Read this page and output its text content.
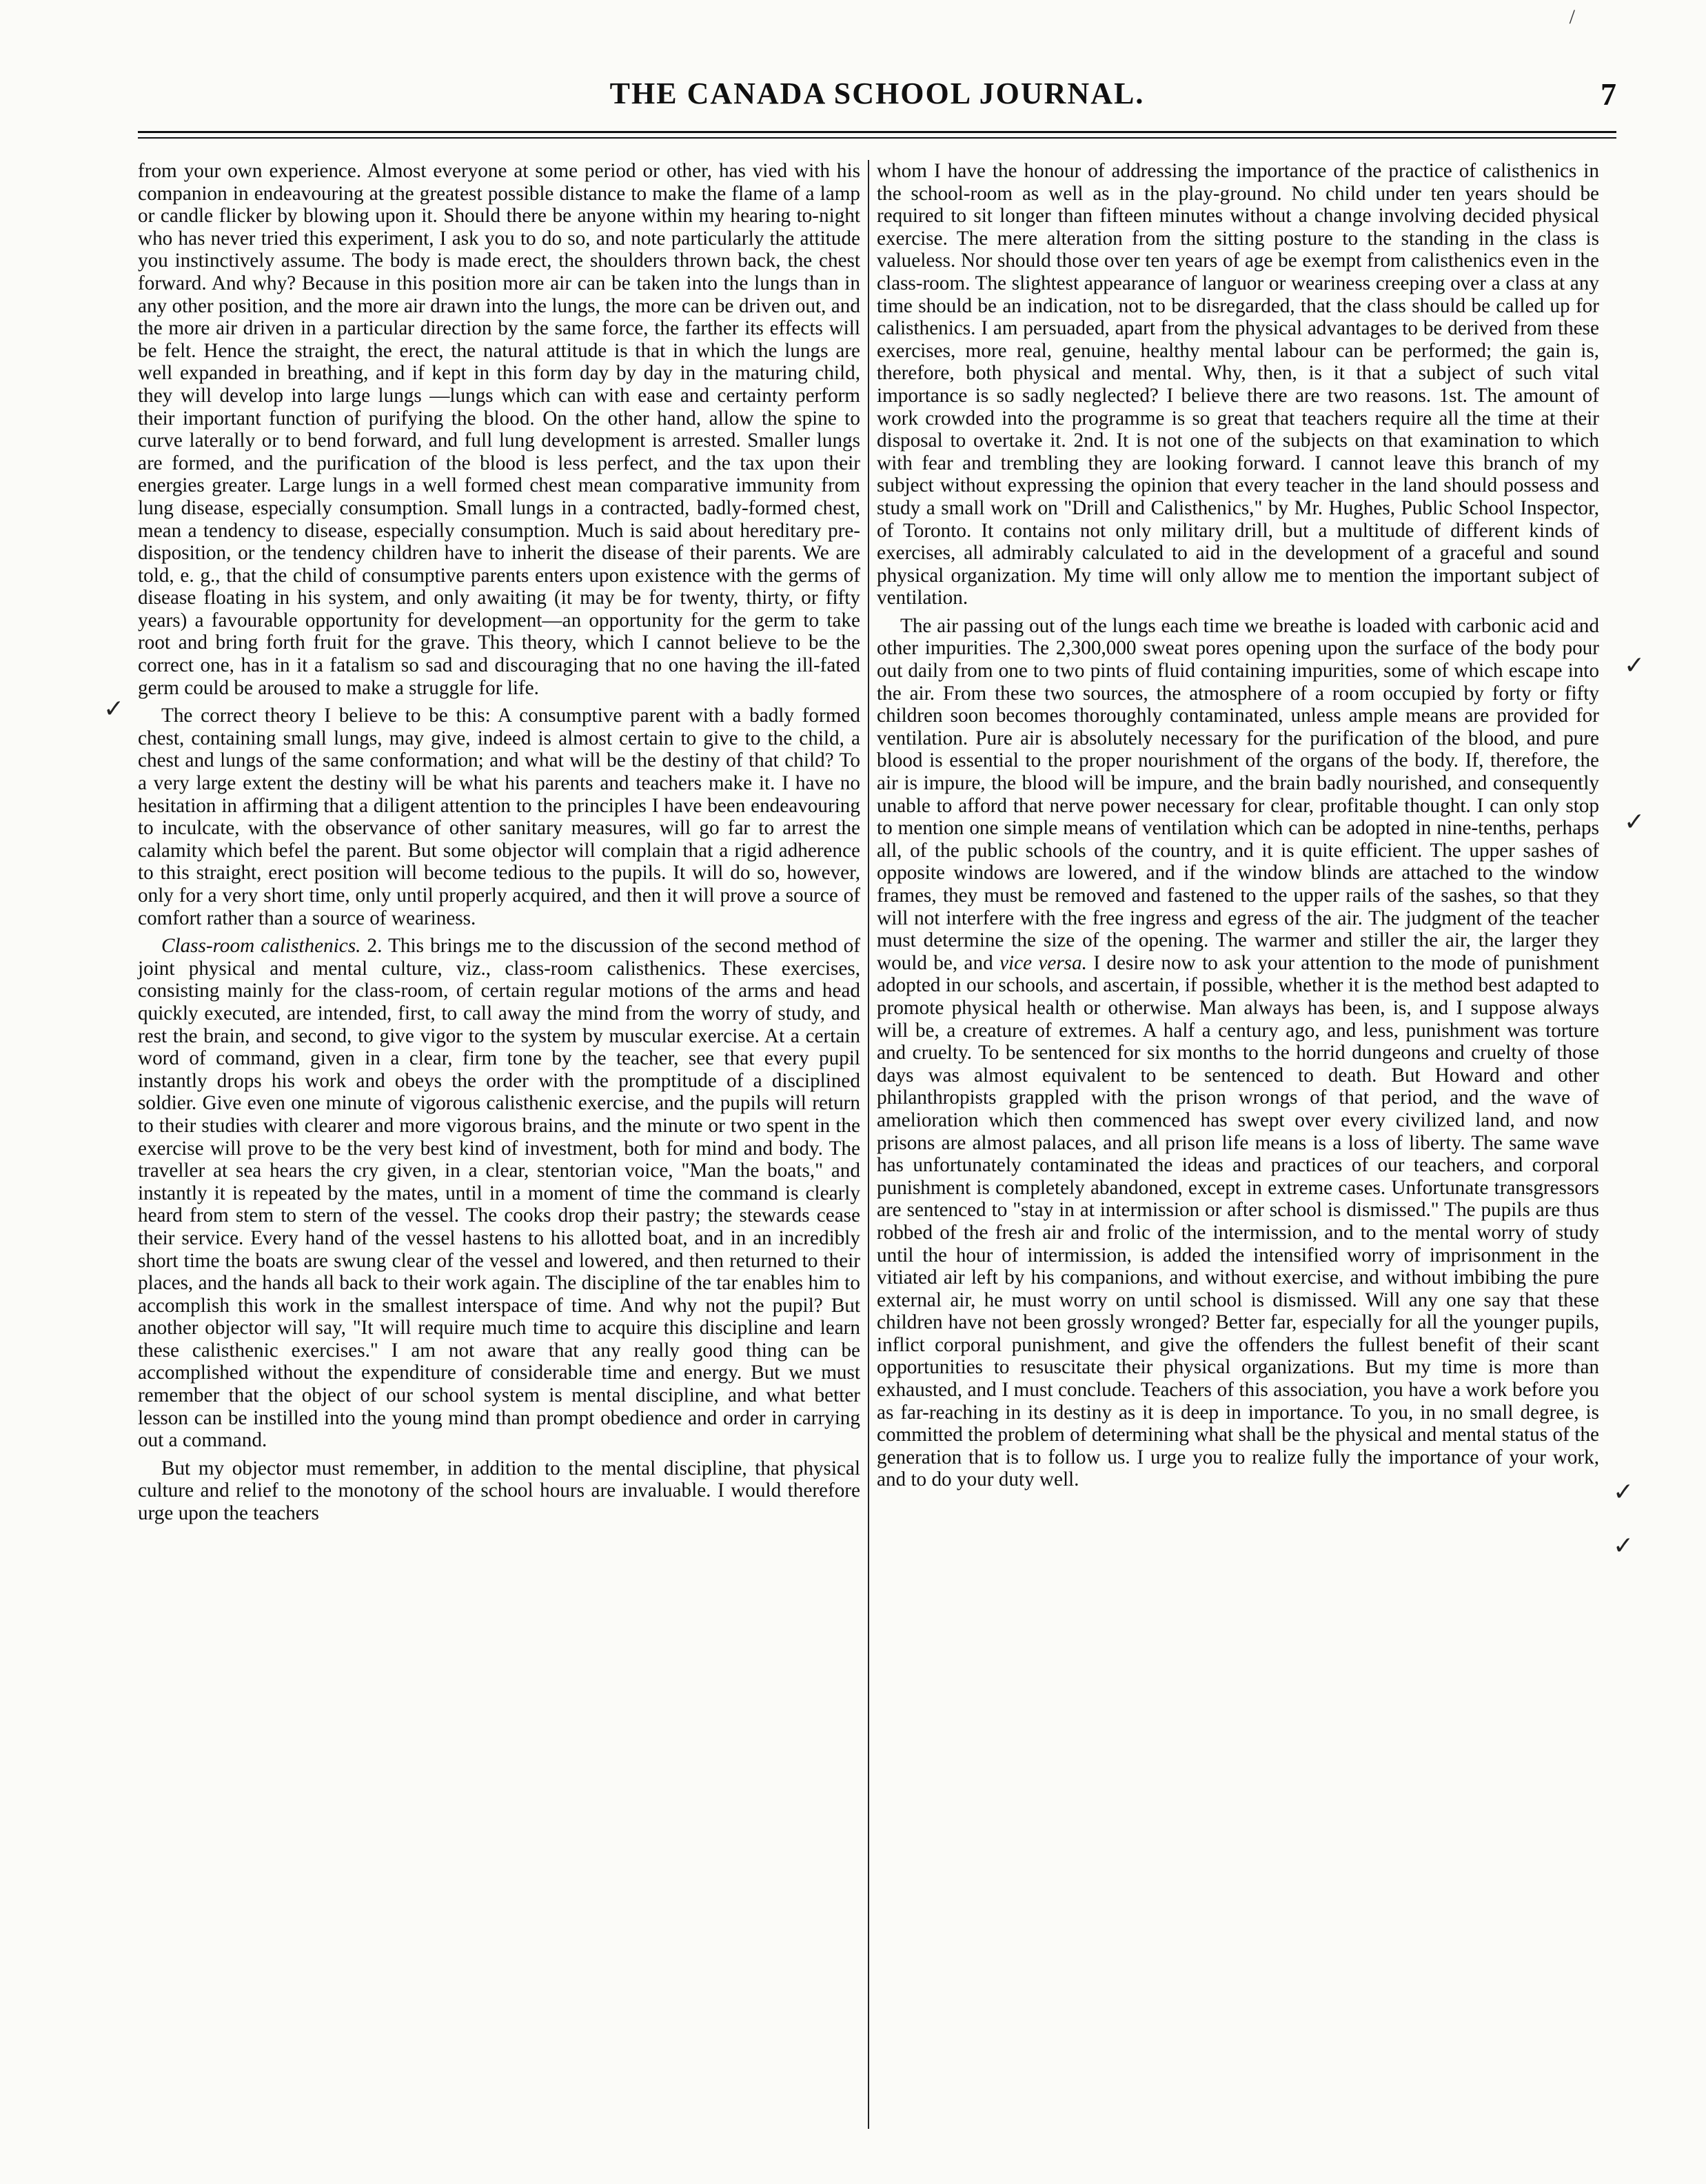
/
THE CANADA SCHOOL JOURNAL.	7

from your own experience. Almost everyone at some period or other, has vied with his companion in endeavouring at the greatest possible distance to make the flame of a lamp or candle flicker by blowing upon it. Should there be anyone within my hearing to-night who has never tried this experiment, I ask you to do so, and note particularly the attitude you instinctively assume. The body is made erect, the shoulders thrown back, the chest forward. And why? Because in this position more air can be taken into the lungs than in any other position, and the more air drawn into the lungs, the more can be driven out, and the more air driven in a particular direction by the same force, the farther its effects will be felt. Hence the straight, the erect, the natural attitude is that in which the lungs are well expanded in breathing, and if kept in this form day by day in the maturing child, they will develop into large lungs —lungs which can with ease and certainty perform their important function of purifying the blood. On the other hand, allow the spine to curve laterally or to bend forward, and full lung development is arrested. Smaller lungs are formed, and the purification of the blood is less perfect, and the tax upon their energies greater. Large lungs in a well formed chest mean comparative immunity from lung disease, especially consumption. Small lungs in a contracted, badly-formed chest, mean a tendency to disease, especially consumption. Much is said about hereditary pre-disposition, or the tendency children have to inherit the disease of their parents. We are told, e. g., that the child of consumptive parents enters upon existence with the germs of disease floating in his system, and only awaiting (it may be for twenty, thirty, or fifty years) a favourable opportunity for development—an opportunity for the germ to take root and bring forth fruit for the grave. This theory, which I cannot believe to be the correct one, has in it a fatalism so sad and discouraging that no one having the ill-fated germ could be aroused to make a struggle for life.

The correct theory I believe to be this: A consumptive parent with a badly formed chest, containing small lungs, may give, indeed is almost certain to give to the child, a chest and lungs of the same conformation; and what will be the destiny of that child? To a very large extent the destiny will be what his parents and teachers make it. I have no hesitation in affirming that a diligent attention to the principles I have been endeavouring to inculcate, with the observance of other sanitary measures, will go far to arrest the calamity which befel the parent. But some objector will complain that a rigid adherence to this straight, erect position will become tedious to the pupils. It will do so, however, only for a very short time, only until properly acquired, and then it will prove a source of comfort rather than a source of weariness.

Class-room calisthenics. 2. This brings me to the discussion of the second method of joint physical and mental culture, viz., class-room calisthenics. These exercises, consisting mainly for the class-room, of certain regular motions of the arms and head quickly executed, are intended, first, to call away the mind from the worry of study, and rest the brain, and second, to give vigor to the system by muscular exercise. At a certain word of command, given in a clear, firm tone by the teacher, see that every pupil instantly drops his work and obeys the order with the promptitude of a disciplined soldier. Give even one minute of vigorous calisthenic exercise, and the pupils will return to their studies with clearer and more vigorous brains, and the minute or two spent in the exercise will prove to be the very best kind of investment, both for mind and body. The traveller at sea hears the cry given, in a clear, stentorian voice, "Man the boats," and instantly it is repeated by the mates, until in a moment of time the command is clearly heard from stem to stern of the vessel. The cooks drop their pastry; the stewards cease their service. Every hand of the vessel hastens to his allotted boat, and in an incredibly short time the boats are swung clear of the vessel and lowered, and then returned to their places, and the hands all back to their work again. The discipline of the tar enables him to accomplish this work in the smallest interspace of time. And why not the pupil? But another objector will say, "It will require much time to acquire this discipline and learn these calisthenic exercises." I am not aware that any really good thing can be accomplished without the expenditure of considerable time and energy. But we must remember that the object of our school system is mental discipline, and what better lesson can be instilled into the young mind than prompt obedience and order in carrying out a command.

But my objector must remember, in addition to the mental discipline, that physical culture and relief to the monotony of the school hours are invaluable. I would therefore urge upon the teachers

whom I have the honour of addressing the importance of the practice of calisthenics in the school-room as well as in the play-ground. No child under ten years should be required to sit longer than fifteen minutes without a change involving decided physical exercise. The mere alteration from the sitting posture to the standing in the class is valueless. Nor should those over ten years of age be exempt from calisthenics even in the class-room. The slightest appearance of languor or weariness creeping over a class at any time should be an indication, not to be disregarded, that the class should be called up for calisthenics. I am persuaded, apart from the physical advantages to be derived from these exercises, more real, genuine, healthy mental labour can be performed; the gain is, therefore, both physical and mental. Why, then, is it that a subject of such vital importance is so sadly neglected? I believe there are two reasons. 1st. The amount of work crowded into the programme is so great that teachers require all the time at their disposal to overtake it. 2nd. It is not one of the subjects on that examination to which with fear and trembling they are looking forward. I cannot leave this branch of my subject without expressing the opinion that every teacher in the land should possess and study a small work on "Drill and Calisthenics," by Mr. Hughes, Public School Inspector, of Toronto. It contains not only military drill, but a multitude of different kinds of exercises, all admirably calculated to aid in the development of a graceful and sound physical organization. My time will only allow me to mention the important subject of ventilation.

The air passing out of the lungs each time we breathe is loaded with carbonic acid and other impurities. The 2,300,000 sweat pores opening upon the surface of the body pour out daily from one to two pints of fluid containing impurities, some of which escape into the air. From these two sources, the atmosphere of a room occupied by forty or fifty children soon becomes thoroughly contaminated, unless ample means are provided for ventilation. Pure air is absolutely necessary for the purification of the blood, and pure blood is essential to the proper nourishment of the organs of the body. If, therefore, the air is impure, the blood will be impure, and the brain badly nourished, and consequently unable to afford that nerve power necessary for clear, profitable thought. I can only stop to mention one simple means of ventilation which can be adopted in nine-tenths, perhaps all, of the public schools of the country, and it is quite efficient. The upper sashes of opposite windows are lowered, and if the window blinds are attached to the window frames, they must be removed and fastened to the upper rails of the sashes, so that they will not interfere with the free ingress and egress of the air. The judgment of the teacher must determine the size of the opening. The warmer and stiller the air, the larger they would be, and vice versa. I desire now to ask your attention to the mode of punishment adopted in our schools, and ascertain, if possible, whether it is the method best adapted to promote physical health or otherwise. Man always has been, is, and I suppose always will be, a creature of extremes. A half a century ago, and less, punishment was torture and cruelty. To be sentenced for six months to the horrid dungeons and cruelty of those days was almost equivalent to be sentenced to death. But Howard and other philanthropists grappled with the prison wrongs of that period, and the wave of amelioration which then commenced has swept over every civilized land, and now prisons are almost palaces, and all prison life means is a loss of liberty. The same wave has unfortunately contaminated the ideas and practices of our teachers, and corporal punishment is completely abandoned, except in extreme cases. Unfortunate transgressors are sentenced to "stay in at intermission or after school is dismissed." The pupils are thus robbed of the fresh air and frolic of the intermission, and to the mental worry of study until the hour of intermission, is added the intensified worry of imprisonment in the vitiated air left by his companions, and without exercise, and without imbibing the pure external air, he must worry on until school is dismissed. Will any one say that these children have not been grossly wronged? Better far, especially for all the younger pupils, inflict corporal punishment, and give the offenders the fullest benefit of their scant opportunities to resuscitate their physical organizations. But my time is more than exhausted, and I must conclude. Teachers of this association, you have a work before you as far-reaching in its destiny as it is deep in importance. To you, in no small degree, is committed the problem of determining what shall be the physical and mental status of the generation that is to follow us. I urge you to realize fully the importance of your work, and to do your duty well.

✓
✓
✓
✓
✓
